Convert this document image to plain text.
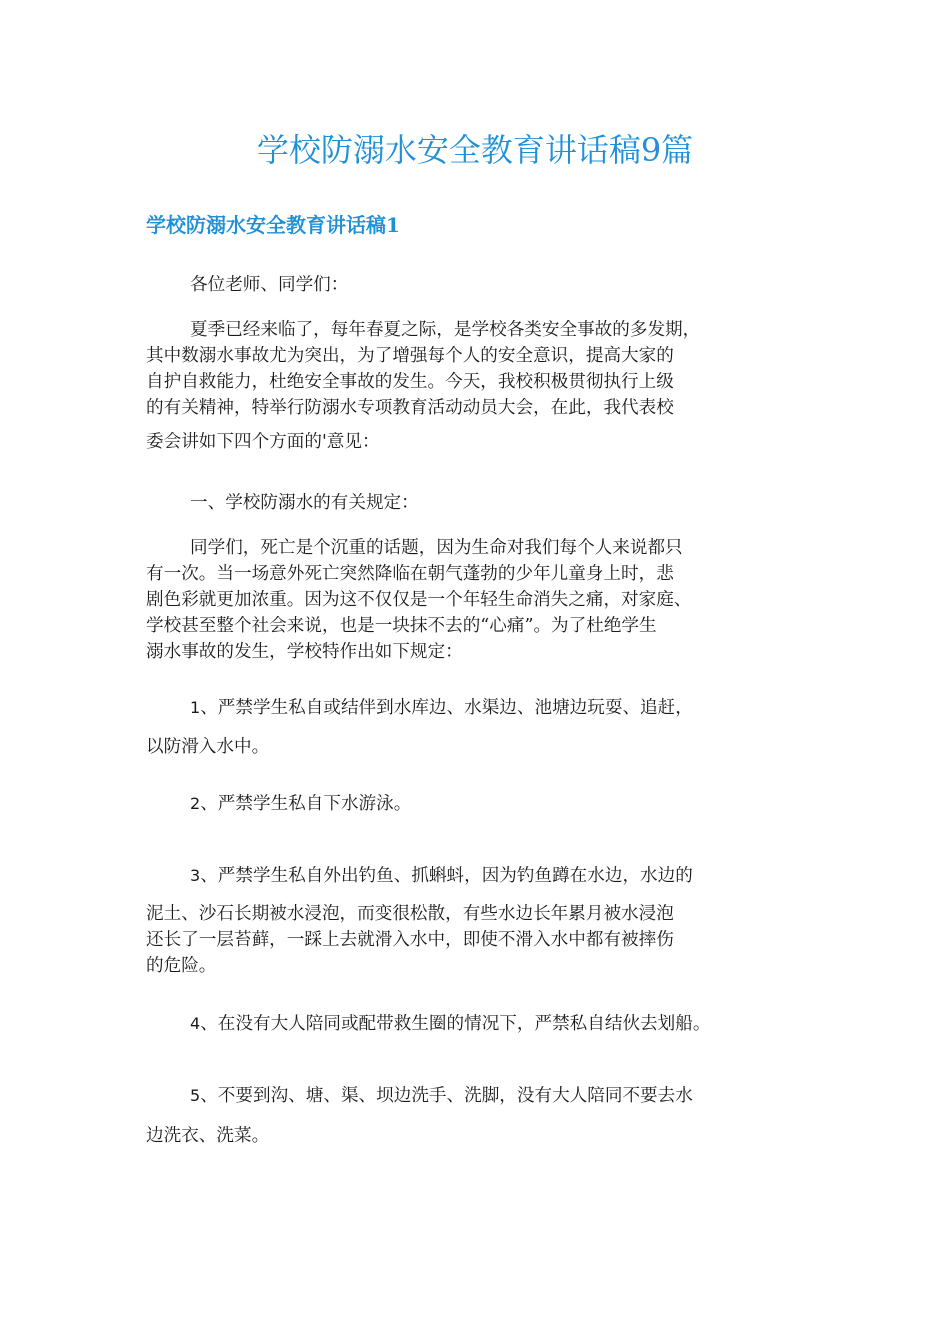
学校防溺水安全教育讲话稿9篇
学校防溺水安全教育讲话稿1

各位老师、同学们：

夏季已经来临了，每年春夏之际，是学校各类安全事故的多发期，
其中数溺水事故尤为突出，为了增强每个人的安全意识，提高大家的
自护自救能力，杜绝安全事故的发生。今天，我校积极贯彻执行上级
的有关精神，特举行防溺水专项教育活动动员大会，在此，我代表校

委会讲如下四个方面的'意见：

一、学校防溺水的有关规定：

同学们，死亡是个沉重的话题，因为生命对我们每个人来说都只
有一次。当一场意外死亡突然降临在朝气蓬勃的少年儿童身上时，悲
剧色彩就更加浓重。因为这不仅仅是一个年轻生命消失之痛，对家庭、
学校甚至整个社会来说，也是一块抹不去的“心痛”。为了杜绝学生
溺水事故的发生，学校特作出如下规定：

1、严禁学生私自或结伴到水库边、水渠边、池塘边玩耍、追赶，

以防滑入水中。

2、严禁学生私自下水游泳。

3、严禁学生私自外出钓鱼、抓蝌蚪，因为钓鱼蹲在水边，水边的

泥土、沙石长期被水浸泡，而变很松散，有些水边长年累月被水浸泡
还长了一层苔藓，一踩上去就滑入水中，即使不滑入水中都有被摔伤
的危险。

4、在没有大人陪同或配带救生圈的情况下，严禁私自结伙去划船。

5、不要到沟、塘、渠、坝边洗手、洗脚，没有大人陪同不要去水

边洗衣、洗菜。
